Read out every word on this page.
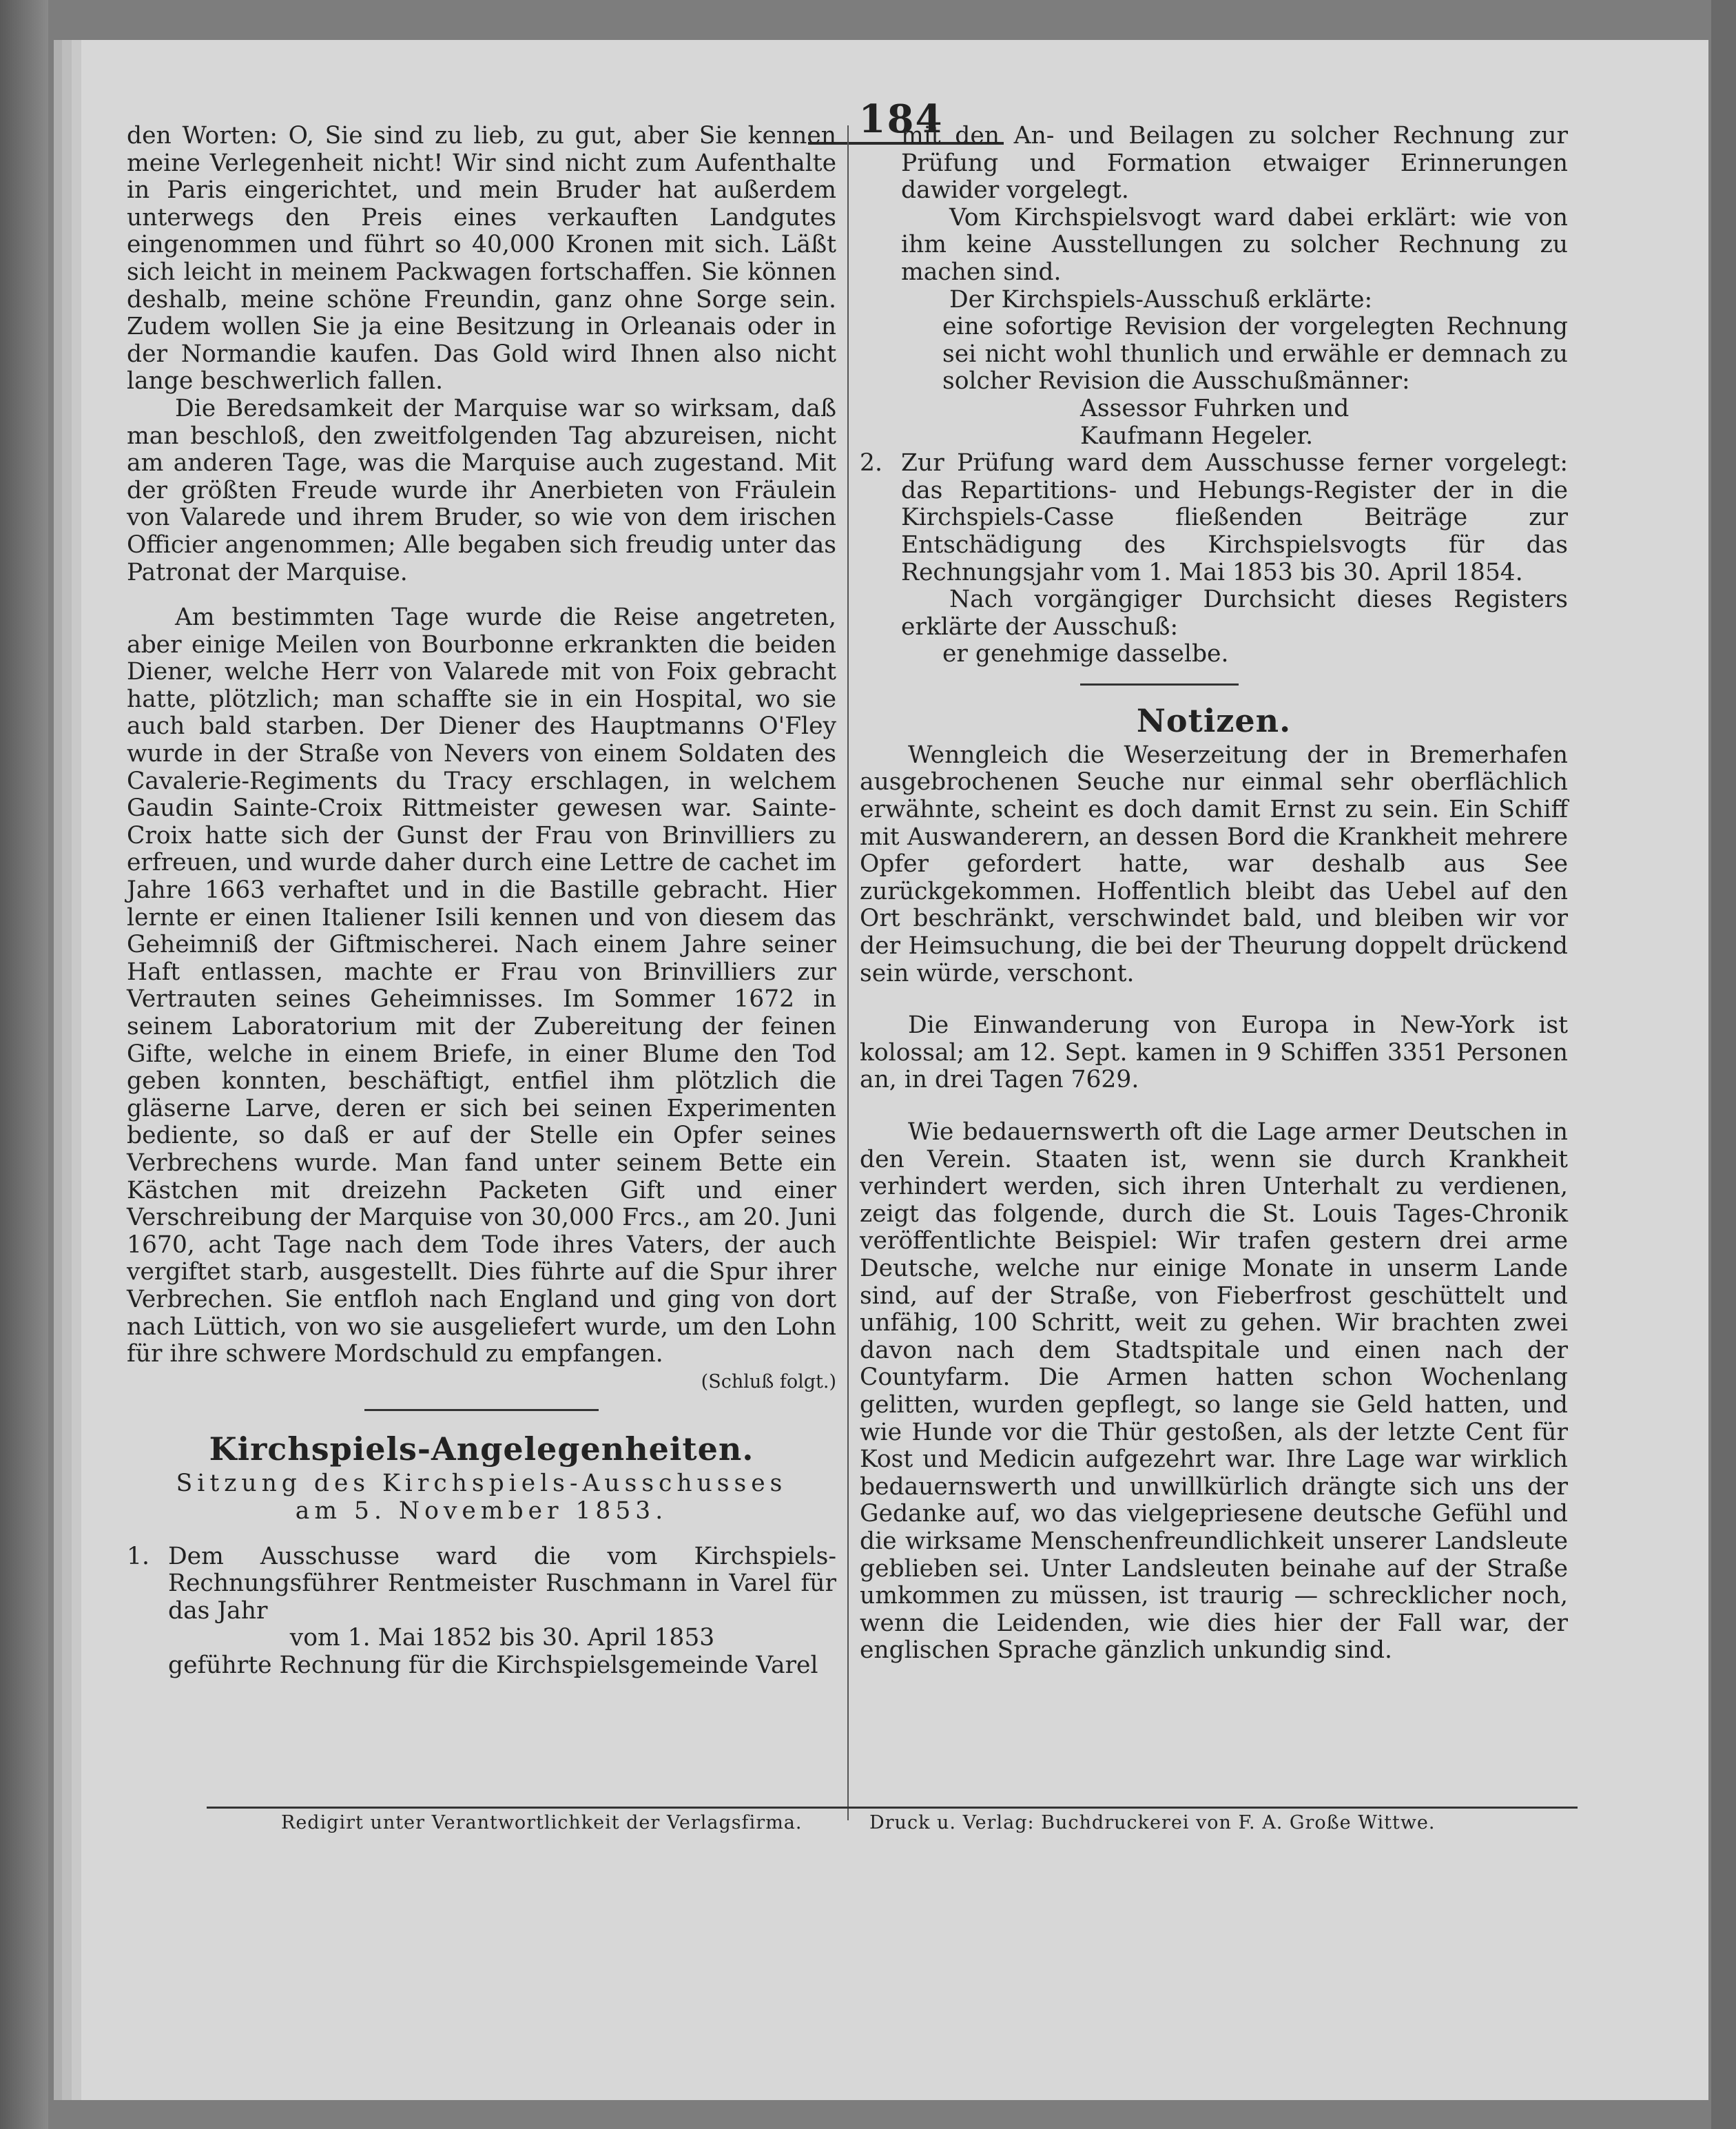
184

den Worten: O, Sie sind zu lieb, zu gut, aber Sie kennen meine Verlegenheit nicht! Wir sind nicht zum Aufenthalte in Paris eingerichtet, und mein Bruder hat außerdem unterwegs den Preis eines verkauften Landgutes eingenommen und führt so 40,000 Kronen mit sich. Läßt sich leicht in meinem Packwagen fortschaffen. Sie können deshalb, meine schöne Freundin, ganz ohne Sorge sein. Zudem wollen Sie ja eine Besitzung in Orleanais oder in der Normandie kaufen. Das Gold wird Ihnen also nicht lange beschwerlich fallen.

Die Beredsamkeit der Marquise war so wirksam, daß man beschloß, den zweitfolgenden Tag abzureisen, nicht am anderen Tage, was die Marquise auch zugestand. Mit der größten Freude wurde ihr Anerbieten von Fräulein von Valarede und ihrem Bruder, so wie von dem irischen Officier angenommen; Alle begaben sich freudig unter das Patronat der Marquise.

Am bestimmten Tage wurde die Reise angetreten, aber einige Meilen von Bourbonne erkrankten die beiden Diener, welche Herr von Valarede mit von Foix gebracht hatte, plötzlich; man schaffte sie in ein Hospital, wo sie auch bald starben. Der Diener des Hauptmanns O'Fley wurde in der Straße von Nevers von einem Soldaten des Cavalerie-Regiments du Tracy erschlagen, in welchem Gaudin Sainte-Croix Rittmeister gewesen war. Sainte-Croix hatte sich der Gunst der Frau von Brinvilliers zu erfreuen, und wurde daher durch eine Lettre de cachet im Jahre 1663 verhaftet und in die Bastille gebracht. Hier lernte er einen Italiener Isili kennen und von diesem das Geheimniß der Giftmischerei. Nach einem Jahre seiner Haft entlassen, machte er Frau von Brinvilliers zur Vertrauten seines Geheimnisses. Im Sommer 1672 in seinem Laboratorium mit der Zubereitung der feinen Gifte, welche in einem Briefe, in einer Blume den Tod geben konnten, beschäftigt, entfiel ihm plötzlich die gläserne Larve, deren er sich bei seinen Experimenten bediente, so daß er auf der Stelle ein Opfer seines Verbrechens wurde. Man fand unter seinem Bette ein Kästchen mit dreizehn Packeten Gift und einer Verschreibung der Marquise von 30,000 Frcs., am 20. Juni 1670, acht Tage nach dem Tode ihres Vaters, der auch vergiftet starb, ausgestellt. Dies führte auf die Spur ihrer Verbrechen. Sie entfloh nach England und ging von dort nach Lüttich, von wo sie ausgeliefert wurde, um den Lohn für ihre schwere Mordschuld zu empfangen.

(Schluß folgt.)

Kirchspiels-Angelegenheiten.

Sitzung des Kirchspiels-Ausschusses

am 5. November 1853.

1. Dem Ausschusse ward die vom Kirchspiels-Rechnungsführer Rentmeister Ruschmann in Varel für das Jahr

vom 1. Mai 1852 bis 30. April 1853

geführte Rechnung für die Kirchspielsgemeinde Varel

mit den An- und Beilagen zu solcher Rechnung zur Prüfung und Formation etwaiger Erinnerungen dawider vorgelegt.

Vom Kirchspielsvogt ward dabei erklärt: wie von ihm keine Ausstellungen zu solcher Rechnung zu machen sind.

Der Kirchspiels-Ausschuß erklärte:

eine sofortige Revision der vorgelegten Rechnung sei nicht wohl thunlich und erwähle er demnach zu solcher Revision die Ausschußmänner:

Assessor Fuhrken und

Kaufmann Hegeler.

2. Zur Prüfung ward dem Ausschusse ferner vorgelegt: das Repartitions- und Hebungs-Register der in die Kirchspiels-Casse fließenden Beiträge zur Entschädigung des Kirchspielsvogts für das Rechnungsjahr vom 1. Mai 1853 bis 30. April 1854.

Nach vorgängiger Durchsicht dieses Registers erklärte der Ausschuß:

er genehmige dasselbe.

Notizen.

Wenngleich die Weserzeitung der in Bremerhafen ausgebrochenen Seuche nur einmal sehr oberflächlich erwähnte, scheint es doch damit Ernst zu sein. Ein Schiff mit Auswanderern, an dessen Bord die Krankheit mehrere Opfer gefordert hatte, war deshalb aus See zurückgekommen. Hoffentlich bleibt das Uebel auf den Ort beschränkt, verschwindet bald, und bleiben wir vor der Heimsuchung, die bei der Theurung doppelt drückend sein würde, verschont.

Die Einwanderung von Europa in New-York ist kolossal; am 12. Sept. kamen in 9 Schiffen 3351 Personen an, in drei Tagen 7629.

Wie bedauernswerth oft die Lage armer Deutschen in den Verein. Staaten ist, wenn sie durch Krankheit verhindert werden, sich ihren Unterhalt zu verdienen, zeigt das folgende, durch die St. Louis Tages-Chronik veröffentlichte Beispiel: Wir trafen gestern drei arme Deutsche, welche nur einige Monate in unserm Lande sind, auf der Straße, von Fieberfrost geschüttelt und unfähig, 100 Schritt, weit zu gehen. Wir brachten zwei davon nach dem Stadtspitale und einen nach der Countyfarm. Die Armen hatten schon Wochenlang gelitten, wurden gepflegt, so lange sie Geld hatten, und wie Hunde vor die Thür gestoßen, als der letzte Cent für Kost und Medicin aufgezehrt war. Ihre Lage war wirklich bedauernswerth und unwillkürlich drängte sich uns der Gedanke auf, wo das vielgepriesene deutsche Gefühl und die wirksame Menschenfreundlichkeit unserer Landsleute geblieben sei. Unter Landsleuten beinahe auf der Straße umkommen zu müssen, ist traurig — schrecklicher noch, wenn die Leidenden, wie dies hier der Fall war, der englischen Sprache gänzlich unkundig sind.

Redigirt unter Verantwortlichkeit der Verlagsfirma.	Druck u. Verlag: Buchdruckerei von F. A. Große Wittwe.
